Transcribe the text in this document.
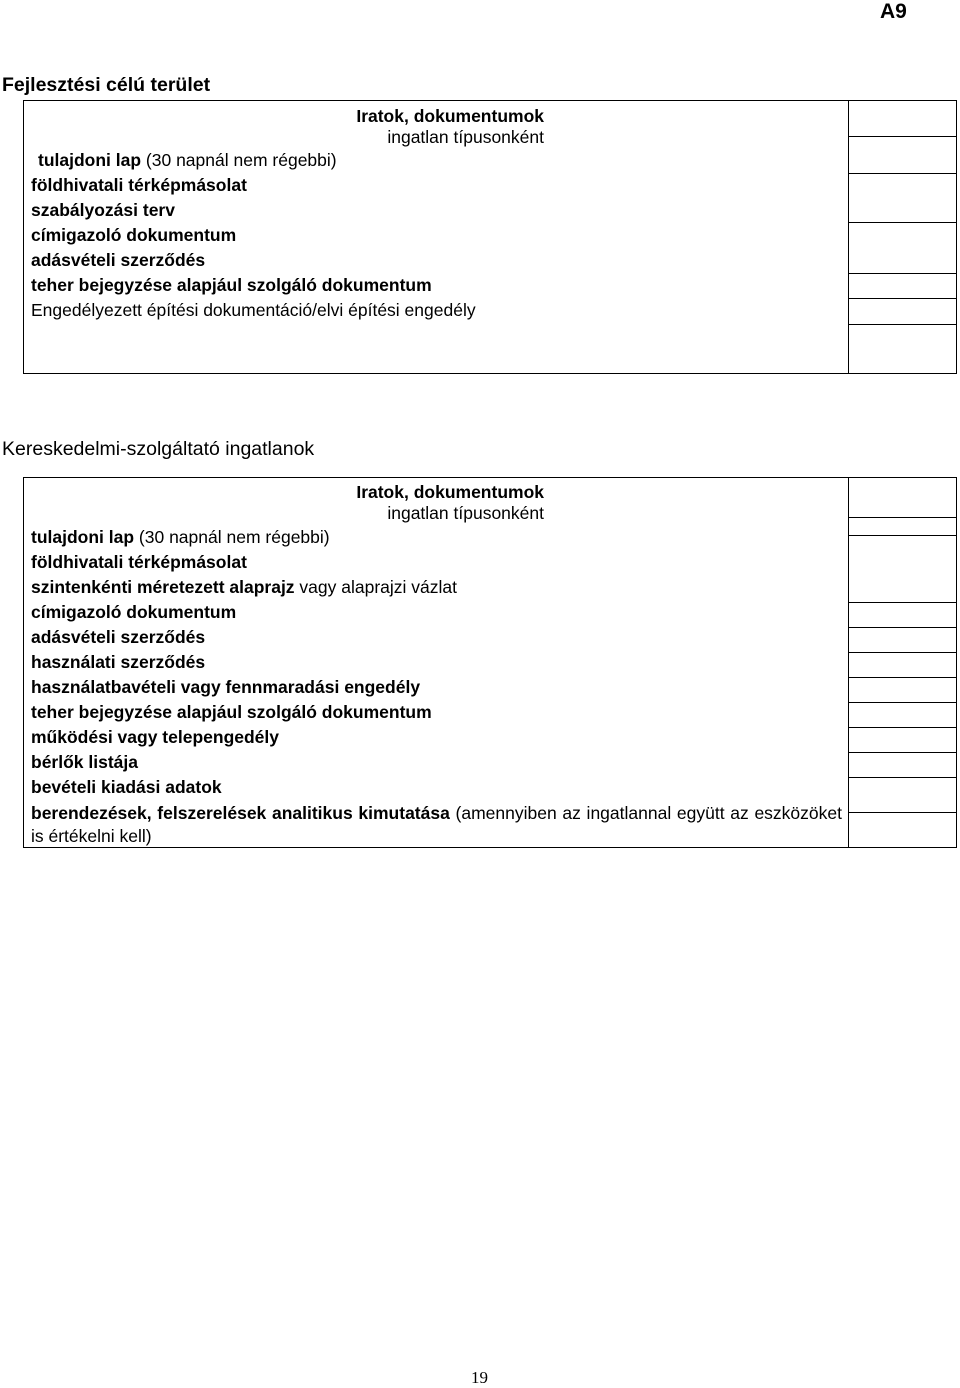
A9
Fejlesztési célú terület
Iratok, dokumentumok
ingatlan típusonként
tulajdoni lap (30 napnál nem régebbi)
földhivatali térképmásolat
szabályozási terv
címigazoló dokumentum
adásvételi szerződés
teher bejegyzése alapjául szolgáló dokumentum
Engedélyezett építési dokumentáció/elvi építési engedély
Kereskedelmi-szolgáltató ingatlanok
Iratok, dokumentumok
ingatlan típusonként
tulajdoni lap (30 napnál nem régebbi)
földhivatali térképmásolat
szintenkénti méretezett alaprajz vagy alaprajzi vázlat
címigazoló dokumentum
adásvételi szerződés
használati szerződés
használatbavételi vagy fennmaradási engedély
teher bejegyzése alapjául szolgáló dokumentum
működési vagy telepengedély
bérlők listája
bevételi kiadási adatok
berendezések, felszerelések analitikus kimutatása (amennyiben az ingatlannal együtt az eszközöket is értékelni kell)
19
